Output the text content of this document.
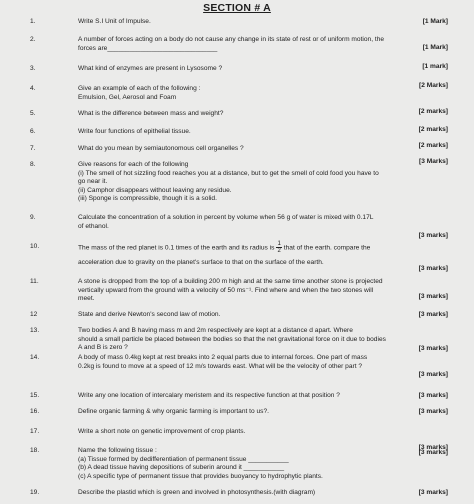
SECTION # A
1.	Write S.I Unit of Impulse.	[1 Mark]
2.	A number of forces acting on a body do not cause any change in its state of rest or of uniform motion, the
forces are______________________________	[1 Mark]
3.	What kind of enzymes are present in Lysosome ?	[1 mark]
4.	Give an example of each of the following :
Emulsion, Gel, Aerosol and Foam
[2 Marks]
5.	What is the difference between mass and weight?	[2 marks]
6.	Write four functions of epithelial tissue.	[2 marks]
7.	What do you mean by semiautonomous cell organelles ?	[2 marks]
8.	Give reasons for each of the following
(i) The smell of hot sizzling food reaches you at a distance, but to get the smell of cold food you have to
go near it.
(ii) Camphor disappears without leaving any residue.
(iii) Sponge is compressible, though it is a solid.
[3 Marks]
9.	Calculate the concentration of a solution in percent by volume when 56 g of water is mixed with 0.17L
of ethanol.
[3 marks]
10.	The mass of the red planet is 0.1 times of the earth and its radius is $\frac{1}{2}$ that of the earth. compare the
acceleration due to gravity on the planet's surface to that on the surface of the earth.
[3 marks]
11.	A stone is dropped from the top of a building 200 m high and at the same time another stone is projected
vertically upward from the ground with a velocity of 50 ms⁻¹. Find where and when the two stones will
meet.	[3 marks]
12	State and derive Newton's second law of motion.	[3 marks]
13.	Two bodies A and B having mass m and 2m respectively are kept at a distance d apart. Where
should a small particle be placed between the bodies so that the net gravitational force on it due to bodies
A and B is zero ?	[3 marks]
14.	A body of mass 0.4kg kept at rest breaks into 2 equal parts due to internal forces. One part of mass
0.2kg is found to move at a speed of 12 m/s towards east. What will be the velocity of other part ?
[3 marks]
15.	Write any one location of intercalary meristem and its respective function at that position ?	[3 marks]
16.	Define organic farming & why organic farming is important to us?.	[3 marks]
17.	Write a short note on genetic improvement of crop plants.
[3 marks]
18.	Name the following tissue :
(a) Tissue formed by dedifferentiation of permanent tissue ___________
(b) A dead tissue having depositions of suberin around it ___________
(c) A specific type of permanent tissue that provides buoyancy to hydrophytic plants.
[3 marks]
19.	Describe the plastid which is green and involved in photosynthesis.(with diagram)	[3 marks]
